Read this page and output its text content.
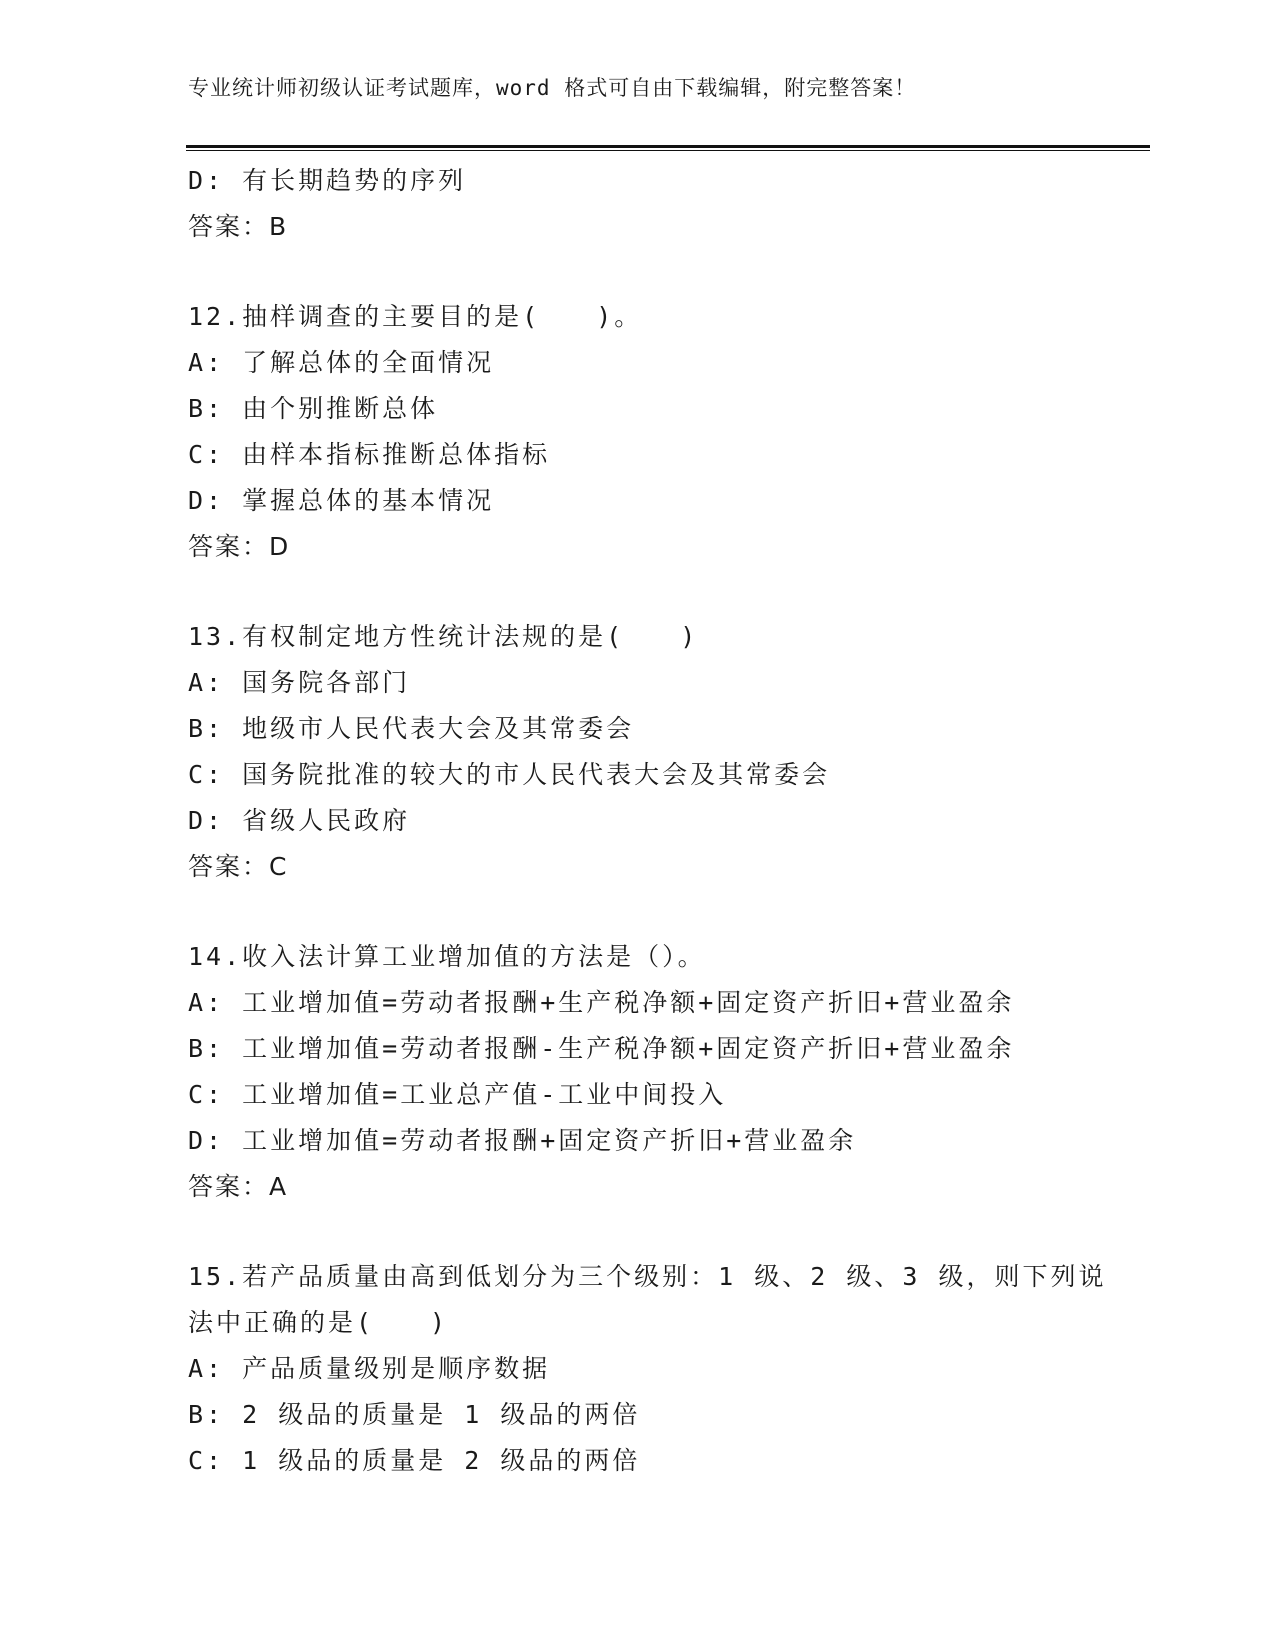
专业统计师初级认证考试题库，word 格式可自由下载编辑，附完整答案！
D: 有长期趋势的序列
答案：B
12.抽样调查的主要目的是(　　)。
A: 了解总体的全面情况
B: 由个别推断总体
C: 由样本指标推断总体指标
D: 掌握总体的基本情况
答案：D
13.有权制定地方性统计法规的是(　　)
A: 国务院各部门
B: 地级市人民代表大会及其常委会
C: 国务院批准的较大的市人民代表大会及其常委会
D: 省级人民政府
答案：C
14.收入法计算工业增加值的方法是（）。
A: 工业增加值=劳动者报酬+生产税净额+固定资产折旧+营业盈余
B: 工业增加值=劳动者报酬-生产税净额+固定资产折旧+营业盈余
C: 工业增加值=工业总产值-工业中间投入
D: 工业增加值=劳动者报酬+固定资产折旧+营业盈余
答案：A
15.若产品质量由高到低划分为三个级别：1 级、2 级、3 级，则下列说
法中正确的是(　　)
A: 产品质量级别是顺序数据
B: 2 级品的质量是 1 级品的两倍
C: 1 级品的质量是 2 级品的两倍
